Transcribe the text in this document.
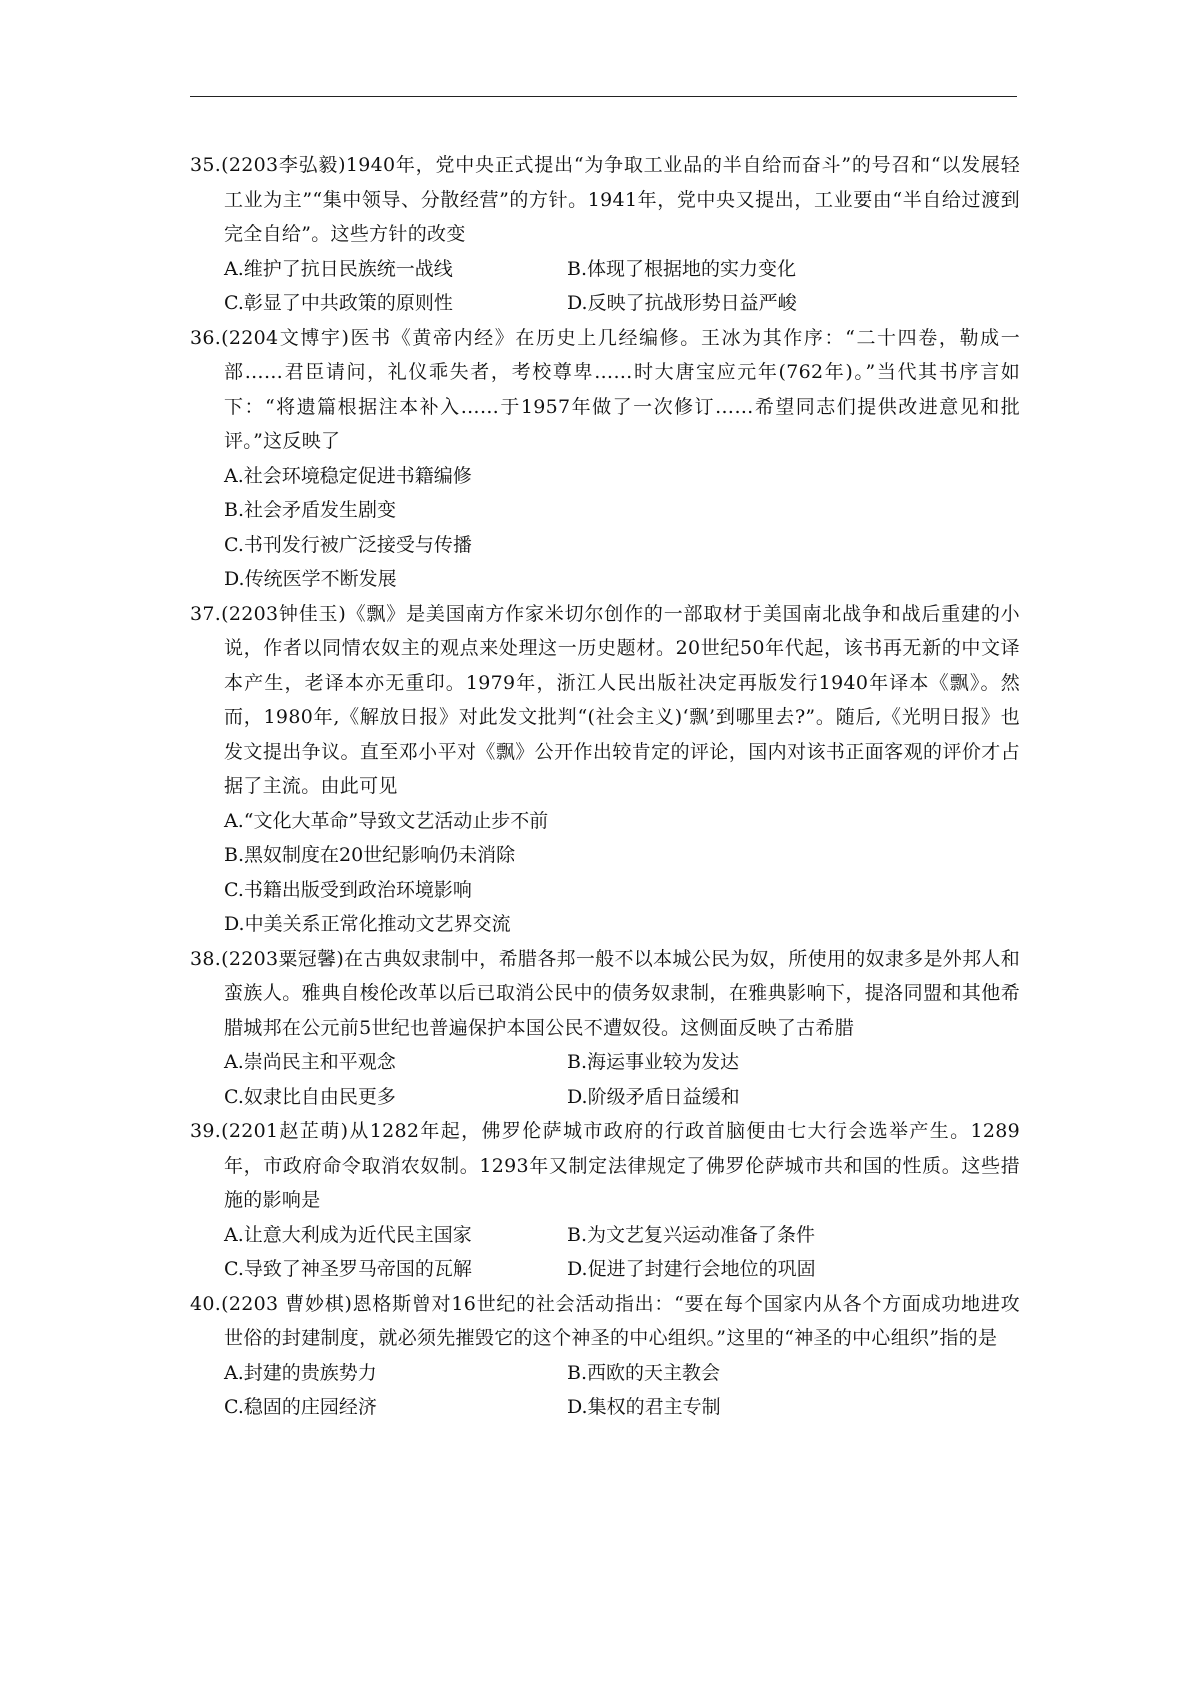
35.(2203李弘毅)1940年，党中央正式提出“为争取工业品的半自给而奋斗”的号召和“以发展轻工业为主”“集中领导、分散经营”的方针。1941年，党中央又提出，工业要由“半自给过渡到完全自给”。这些方针的改变

A.维护了抗日民族统一战线	B.体现了根据地的实力变化
C.彰显了中共政策的原则性	D.反映了抗战形势日益严峻

36.(2204文博宇)医书《黄帝内经》在历史上几经编修。王冰为其作序：“二十四卷，勒成一部……君臣请问，礼仪乖失者，考校尊卑……时大唐宝应元年(762年)。”当代其书序言如下：“将遗篇根据注本补入……于1957年做了一次修订……希望同志们提供改进意见和批评。”这反映了

A.社会环境稳定促进书籍编修
B.社会矛盾发生剧变
C.书刊发行被广泛接受与传播
D.传统医学不断发展

37.(2203钟佳玉)《飘》是美国南方作家米切尔创作的一部取材于美国南北战争和战后重建的小说，作者以同情农奴主的观点来处理这一历史题材。20世纪50年代起，该书再无新的中文译本产生，老译本亦无重印。1979年，浙江人民出版社决定再版发行1940年译本《飘》。然而，1980年,《解放日报》对此发文批判“(社会主义)‘飘’到哪里去?”。随后,《光明日报》也发文提出争议。直至邓小平对《飘》公开作出较肯定的评论，国内对该书正面客观的评价才占据了主流。由此可见

A.“文化大革命”导致文艺活动止步不前
B.黑奴制度在20世纪影响仍未消除
C.书籍出版受到政治环境影响
D.中美关系正常化推动文艺界交流

38.(2203粟冠馨)在古典奴隶制中，希腊各邦一般不以本城公民为奴，所使用的奴隶多是外邦人和蛮族人。雅典自梭伦改革以后已取消公民中的债务奴隶制，在雅典影响下，提洛同盟和其他希腊城邦在公元前5世纪也普遍保护本国公民不遭奴役。这侧面反映了古希腊

A.崇尚民主和平观念	B.海运事业较为发达
C.奴隶比自由民更多	D.阶级矛盾日益缓和

39.(2201赵芷萌)从1282年起，佛罗伦萨城市政府的行政首脑便由七大行会选举产生。1289年，市政府命令取消农奴制。1293年又制定法律规定了佛罗伦萨城市共和国的性质。这些措施的影响是

A.让意大利成为近代民主国家	B.为文艺复兴运动准备了条件
C.导致了神圣罗马帝国的瓦解	D.促进了封建行会地位的巩固

40.(2203 曹妙棋)恩格斯曾对16世纪的社会活动指出：“要在每个国家内从各个方面成功地进攻世俗的封建制度，就必须先摧毁它的这个神圣的中心组织。”这里的“神圣的中心组织”指的是

A.封建的贵族势力	B.西欧的天主教会
C.稳固的庄园经济	D.集权的君主专制
